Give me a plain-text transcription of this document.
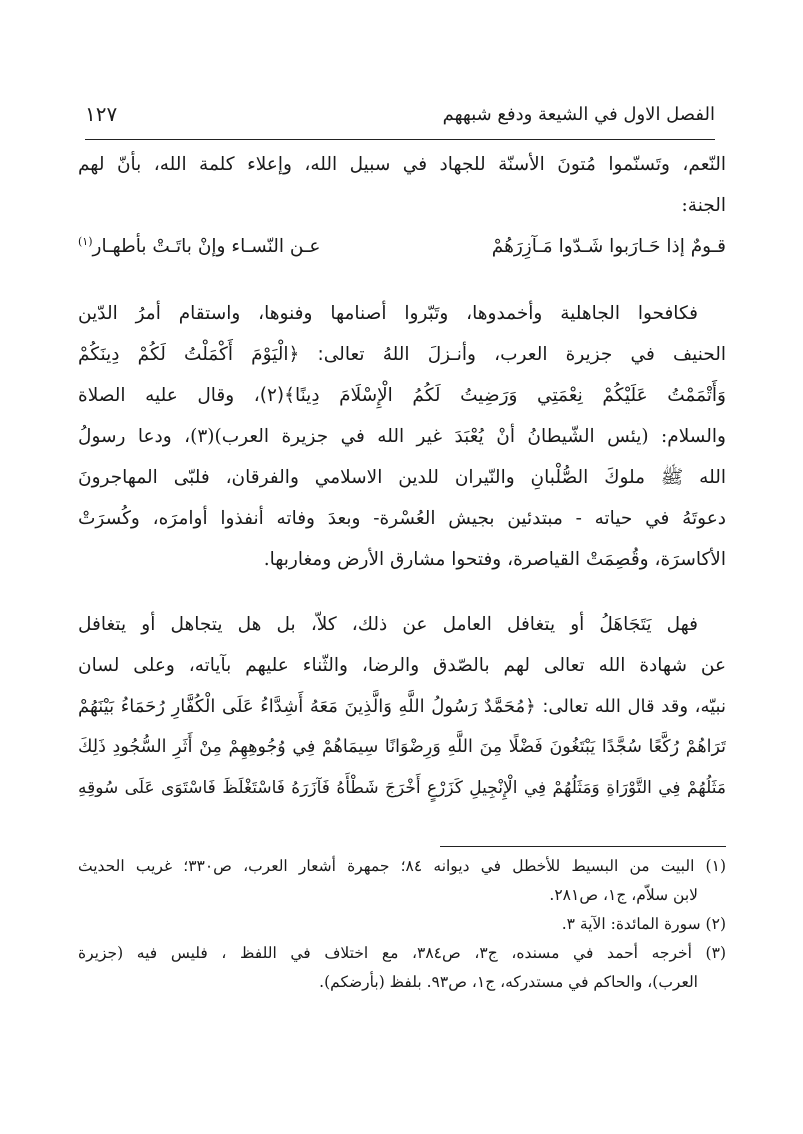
الفصل الاول في الشيعة ودفع شبههم
١٢٧
النّعم، وتَسنّموا مُتونَ الأسنّة للجهاد في سبيل الله، وإعلاء كلمة الله، بأنّ لهم
الجنة:
قـومٌ إذا حَـارَبوا شَـدّوا مَـآزِرَهُمْ
عـن النّسـاء وإنْ باتَـتْ بأطهـار$^{(١)}$
فكافحوا الجاهلية وأخمدوها، وتَبّروا أصنامها وفنوها، واستقام أمرُ الدّين
الحنيف في جزيرة العرب، وأنـزلَ اللهُ تعالى: ﴿الْيَوْمَ أَكْمَلْتُ لَكُمْ دِينَكُمْ
وَأَتْمَمْتُ عَلَيْكُمْ نِعْمَتِي وَرَضِيتُ لَكُمُ الْإِسْلَامَ دِينًا﴾(٢)، وقال عليه الصلاة
والسلام: (يئس الشّيطانُ أنْ يُعْبَدَ غير الله في جزيرة العرب)(٣)، ودعا رسولُ
الله ﷺ ملوكَ الصُّلْبانِ والنّيران للدين الاسلامي والفرقان، فلبّى المهاجرونَ
دعوتَهُ في حياته - مبتدئين بجيش العُسْرة- وبعدَ وفاته أنفذوا أوامرَه، وكُسرَتْ
الأكاسرَة، وقُصِمَتْ القياصرة، وفتحوا مشارق الأرض ومغاربها.
فهل يَتَجَاهَلُ أو يتغافل العامل عن ذلك، كلاّ، بل هل يتجاهل أو يتغافل
عن شهادة الله تعالى لهم بالصّدق والرضا، والثّناء عليهم بآياته، وعلى لسان
نبيّه، وقد قال الله تعالى: ﴿مُحَمَّدٌ رَسُولُ اللَّهِ وَالَّذِينَ مَعَهُ أَشِدَّاءُ عَلَى الْكُفَّارِ رُحَمَاءُ بَيْنَهُمْ
تَرَاهُمْ رُكَّعًا سُجَّدًا يَبْتَغُونَ فَضْلًا مِنَ اللَّهِ وَرِضْوَانًا سِيمَاهُمْ فِي وُجُوهِهِمْ مِنْ أَثَرِ السُّجُودِ ذَلِكَ
مَثَلُهُمْ فِي التَّوْرَاةِ وَمَثَلُهُمْ فِي الْإِنْجِيلِ كَزَرْعٍ أَخْرَجَ شَطْأَهُ فَآزَرَهُ فَاسْتَغْلَظَ فَاسْتَوَى عَلَى سُوقِهِ
(١) البيت من البسيط للأخطل في ديوانه ٨٤؛ جمهرة أشعار العرب، ص٣٣٠؛ غريب الحديث
لابن سلاّم، ج١، ص٢٨١.
(٢) سورة المائدة: الآية ٣.
(٣) أخرجه أحمد في مسنده، ج٣، ص٣٨٤، مع اختلاف في اللفظ ، فليس فيه (جزيرة
العرب)، والحاكم في مستدركه، ج١، ص٩٣. بلفظ (بأرضكم).
